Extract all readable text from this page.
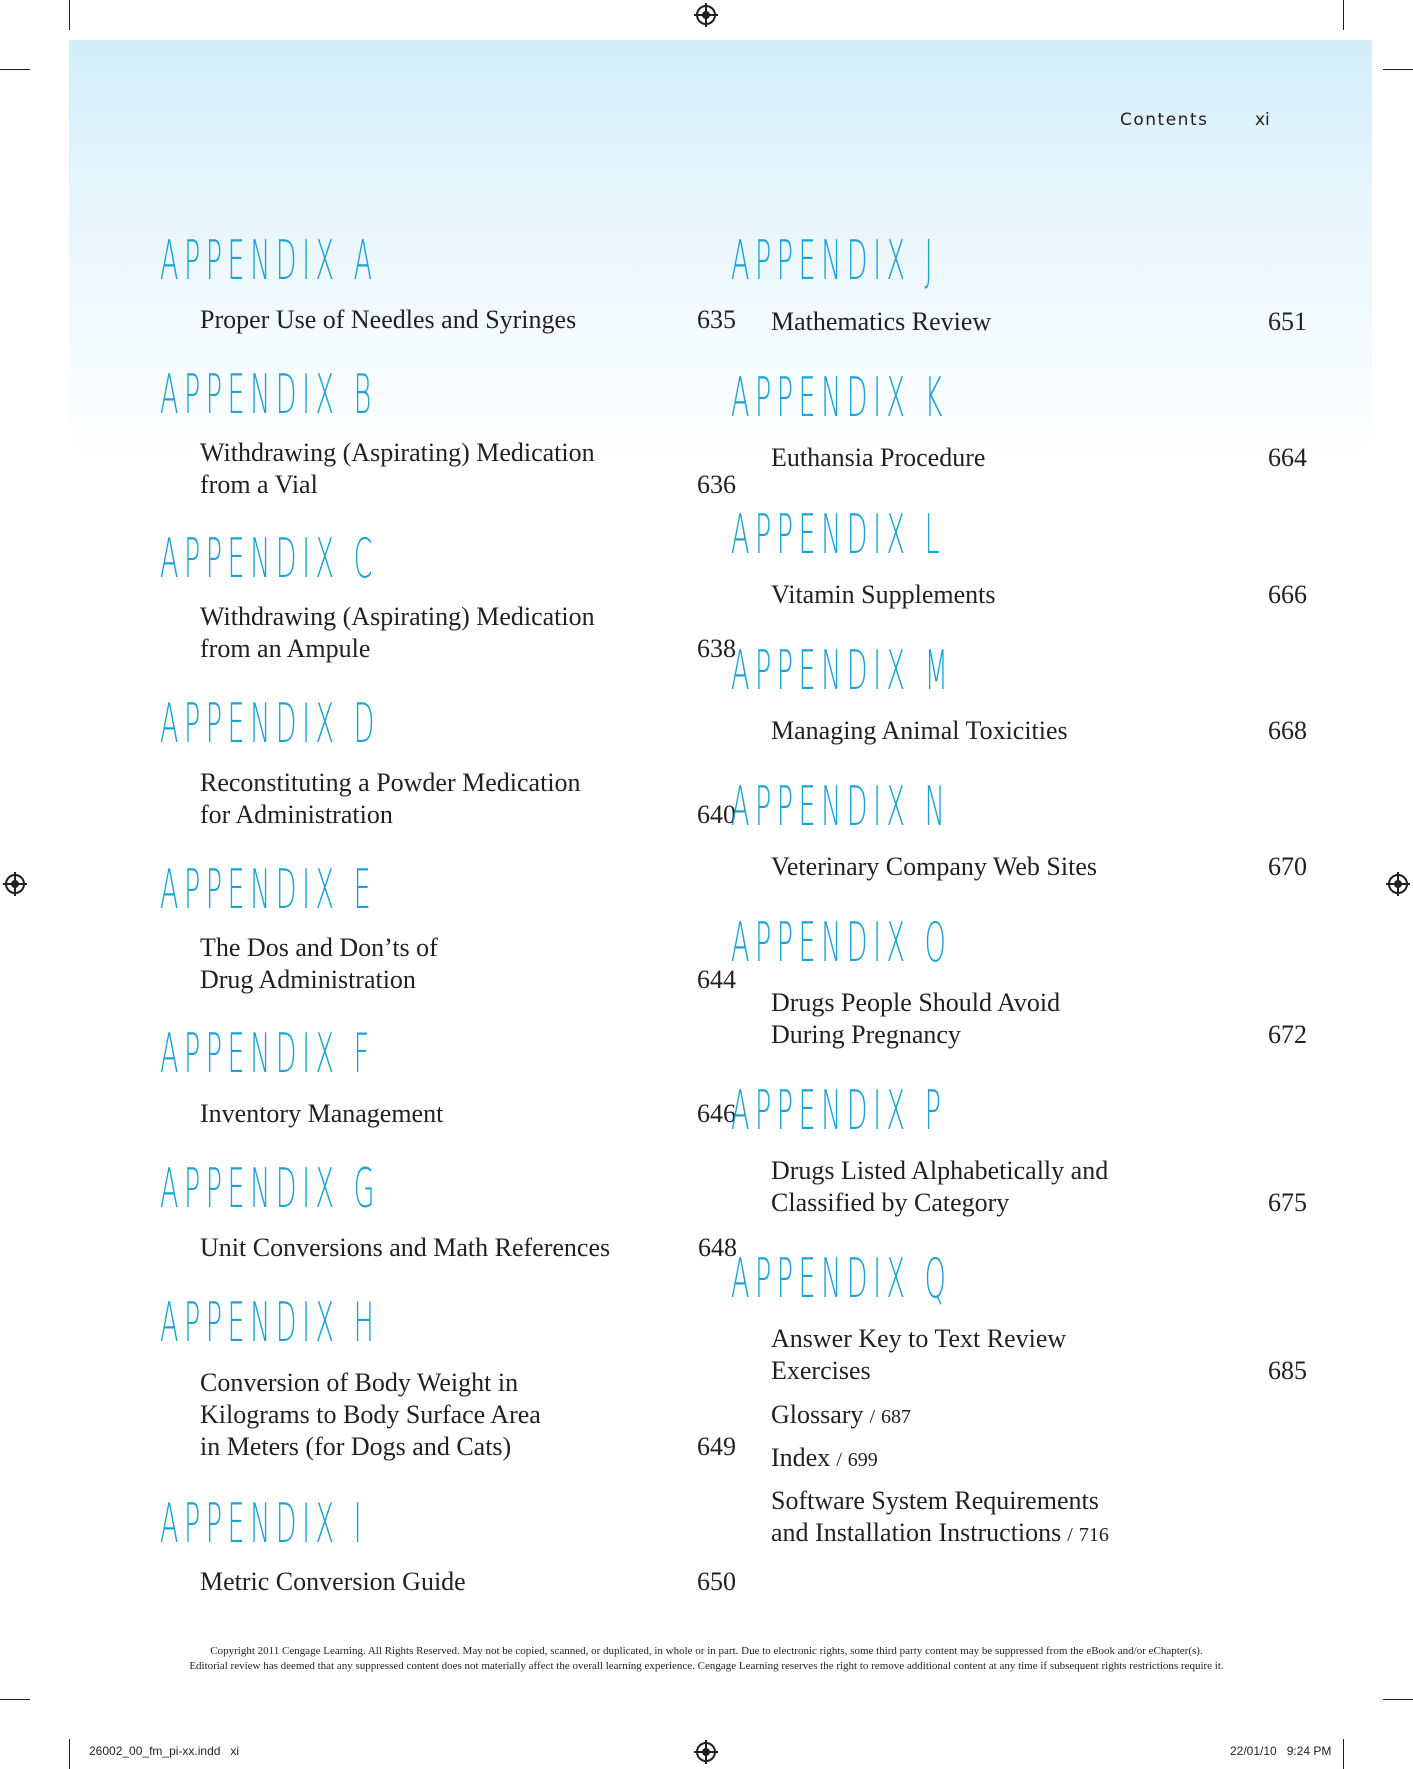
Contents	xi
APPENDIX A
Proper Use of Needles and Syringes	635
APPENDIX B
Withdrawing (Aspirating) Medication
from a Vial	636
APPENDIX C
Withdrawing (Aspirating) Medication
from an Ampule	638
APPENDIX D
Reconstituting a Powder Medication
for Administration	640
APPENDIX E
The Dos and Don’ts of
Drug Administration	644
APPENDIX F
Inventory Management	646
APPENDIX G
Unit Conversions and Math References	648
APPENDIX H
Conversion of Body Weight in
Kilograms to Body Surface Area
in Meters (for Dogs and Cats)	649
APPENDIX I
Metric Conversion Guide	650
APPENDIX J
Mathematics Review	651
APPENDIX K
Euthansia Procedure	664
APPENDIX L
Vitamin Supplements	666
APPENDIX M
Managing Animal Toxicities	668
APPENDIX N
Veterinary Company Web Sites	670
APPENDIX O
Drugs People Should Avoid
During Pregnancy	672
APPENDIX P
Drugs Listed Alphabetically and
Classified by Category	675
APPENDIX Q
Answer Key to Text Review
Exercises	685
Glossary / 687
Index / 699
Software System Requirements
and Installation Instructions / 716
Copyright 2011 Cengage Learning. All Rights Reserved. May not be copied, scanned, or duplicated, in whole or in part. Due to electronic rights, some third party content may be suppressed from the eBook and/or eChapter(s).
Editorial review has deemed that any suppressed content does not materially affect the overall learning experience. Cengage Learning reserves the right to remove additional content at any time if subsequent rights restrictions require it.
26002_00_fm_pi-xx.indd   xi	22/01/10   9:24 PM
